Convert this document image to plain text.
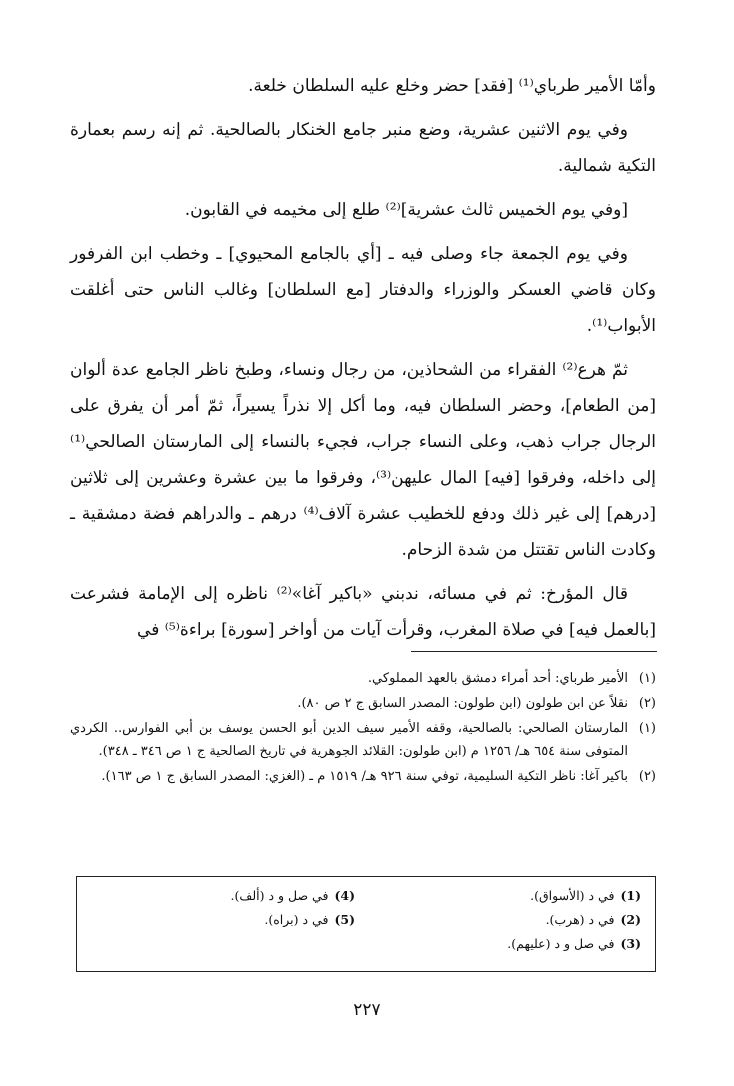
وأمّا الأمير طرباي⁽¹⁾ [فقد] حضر وخلع عليه السلطان خلعة.

وفي يوم الاثنين عشرية، وضع منبر جامع الخنكار بالصالحية. ثم إنه رسم بعمارة التكية شمالية.

[وفي يوم الخميس ثالث عشرية]⁽²⁾ طلع إلى مخيمه في القابون.

وفي يوم الجمعة جاء وصلى فيه ـ [أي بالجامع المحيوي] ـ وخطب ابن الفرفور وكان قاضي العسكر والوزراء والدفتار [مع السلطان] وغالب الناس حتى أغلقت الأبواب⁽¹⁾.

ثمّ هرع⁽²⁾ الفقراء من الشحاذين، من رجال ونساء، وطبخ ناظر الجامع عدة ألوان [من الطعام]، وحضر السلطان فيه، وما أكل إلا نذراً يسيراً، ثمّ أمر أن يفرق على الرجال جراب ذهب، وعلى النساء جراب، فجيء بالنساء إلى المارستان الصالحي⁽¹⁾ إلى داخله، وفرقوا [فيه] المال عليهن⁽³⁾، وفرقوا ما بين عشرة وعشرين إلى ثلاثين [درهم] إلى غير ذلك ودفع للخطيب عشرة آلاف⁽⁴⁾ درهم ـ والدراهم فضة دمشقية ـ وكادت الناس تقتتل من شدة الزحام.

قال المؤرخ: ثم في مسائه، ندبني «باكير آغا»⁽²⁾ ناظره إلى الإمامة فشرعت [بالعمل فيه] في صلاة المغرب، وقرأت آيات من أواخر [سورة] براءة⁽⁵⁾ في

(١)الأمير طرباي: أحد أمراء دمشق بالعهد المملوكي.

(٢)نقلاً عن ابن طولون (ابن طولون: المصدر السابق ج ٢ ص ٨٠).

(١)المارستان الصالحي: بالصالحية، وقفه الأمير سيف الدين أبو الحسن يوسف بن أبي الفوارس.. الكردي المتوفى سنة ٦٥٤ هـ/ ١٢٥٦ م (ابن طولون: القلائد الجوهرية في تاريخ الصالحية ج ١ ص ٣٤٦ ـ ٣٤٨).

(٢)باكير آغا: ناظر التكية السليمية، توفي سنة ٩٢٦ هـ/ ١٥١٩ م ـ (الغزي: المصدر السابق ج ١ ص ١٦٣).

(1)في د (الأسواق).
(2)في د (هرب).
(3)في صل و د (عليهم).
(4)في صل و د (ألف).
(5)في د (براه).
٢٢٧
